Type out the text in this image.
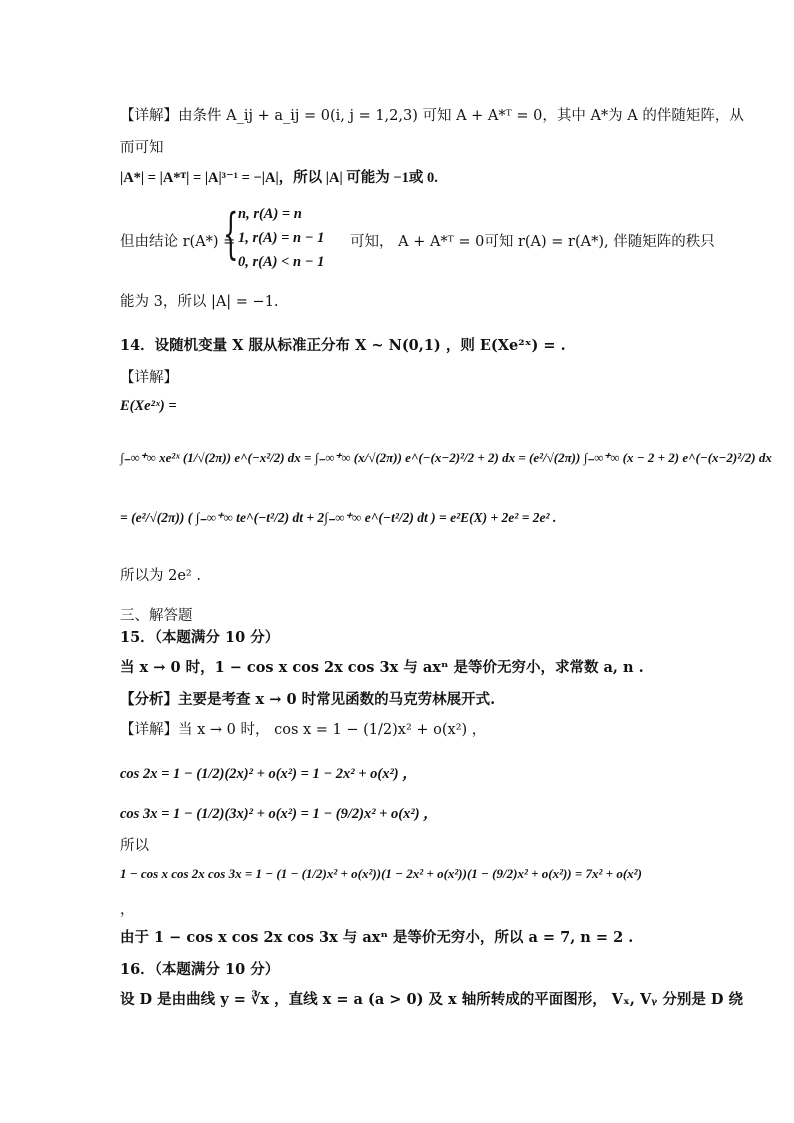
【详解】由条件 A_ij + a_ij = 0(i, j = 1,2,3) 可知 A + A*ᵀ = 0，其中 A*为 A 的伴随矩阵，从
而可知
|A*| = |A*ᵀ| = |A|³⁻¹ = −|A|，所以 |A| 可能为 −1或 0.
但由结论 r(A*) =
{ n, r(A) = n
1, r(A) = n − 1
0, r(A) < n − 1
可知， A + A*ᵀ = 0可知 r(A) = r(A*), 伴随矩阵的秩只
能为 3，所以 |A| = −1.
14．设随机变量 X 服从标准正分布 X ~ N(0,1) ，则 E(Xe²ˣ) = .
【详解】
E(Xe²ˣ) =
∫₋∞⁺∞ xe²ˣ (1/√(2π)) e^(−x²/2) dx = ∫₋∞⁺∞ (x/√(2π)) e^(−(x−2)²/2 + 2) dx = (e²/√(2π)) ∫₋∞⁺∞ (x − 2 + 2) e^(−(x−2)²/2) dx
= (e²/√(2π)) ( ∫₋∞⁺∞ te^(−t²/2) dt + 2∫₋∞⁺∞ e^(−t²/2) dt ) = e²E(X) + 2e² = 2e² .
所以为 2e² .
三、解答题
15．（本题满分 10 分）
当 x → 0 时，1 − cos x cos 2x cos 3x 与 axⁿ 是等价无穷小，求常数 a, n .
【分析】主要是考查 x → 0 时常见函数的马克劳林展开式.
【详解】当 x → 0 时， cos x = 1 − (1/2)x² + o(x²) ，
cos 2x = 1 − (1/2)(2x)² + o(x²) = 1 − 2x² + o(x²) ，
cos 3x = 1 − (1/2)(3x)² + o(x²) = 1 − (9/2)x² + o(x²) ，
所以
1 − cos x cos 2x cos 3x = 1 − (1 − (1/2)x² + o(x²))(1 − 2x² + o(x²))(1 − (9/2)x² + o(x²)) = 7x² + o(x²)
，
由于 1 − cos x cos 2x cos 3x 与 axⁿ 是等价无穷小，所以 a = 7, n = 2 .
16．（本题满分 10 分）
设 D 是由曲线 y = ∛x ，直线 x = a (a > 0) 及 x 轴所转成的平面图形， Vₓ, Vᵧ 分别是 D 绕
